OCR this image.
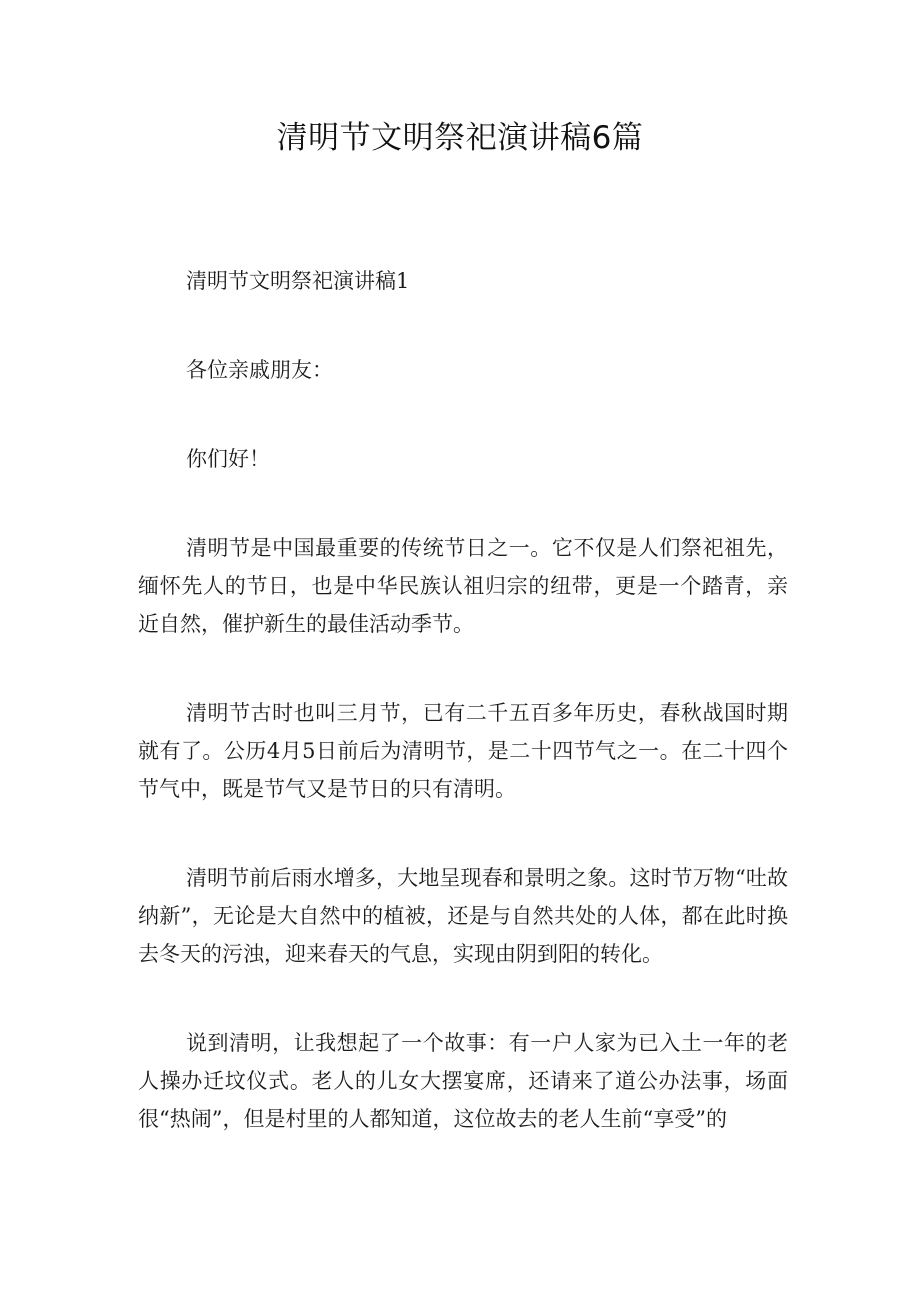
清明节文明祭祀演讲稿6篇

清明节文明祭祀演讲稿1

各位亲戚朋友：

你们好！

清明节是中国最重要的传统节日之一。它不仅是人们祭祀祖先，缅怀先人的节日，也是中华民族认祖归宗的纽带，更是一个踏青，亲近自然，催护新生的最佳活动季节。

清明节古时也叫三月节，已有二千五百多年历史，春秋战国时期就有了。公历4月5日前后为清明节，是二十四节气之一。在二十四个节气中，既是节气又是节日的只有清明。

清明节前后雨水增多，大地呈现春和景明之象。这时节万物“吐故纳新”，无论是大自然中的植被，还是与自然共处的人体，都在此时换去冬天的污浊，迎来春天的气息，实现由阴到阳的转化。

说到清明，让我想起了一个故事：有一户人家为已入土一年的老人操办迁坟仪式。老人的儿女大摆宴席，还请来了道公办法事，场面很“热闹”，但是村里的人都知道，这位故去的老人生前“享受”的
